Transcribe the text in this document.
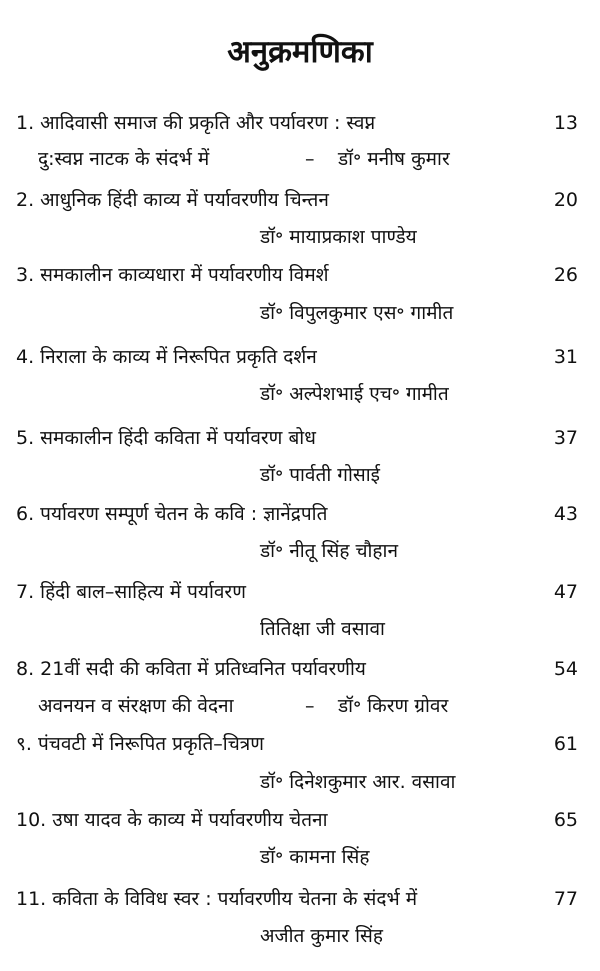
अनुक्रमणिका
1. आदिवासी समाज की प्रकृति और पर्यावरण : स्वप्न	13
दु:स्वप्न नाटक के संदर्भ में	– डॉ॰ मनीष कुमार
2. आधुनिक हिंदी काव्य में पर्यावरणीय चिन्तन	20
डॉ॰ मायाप्रकाश पाण्डेय
3. समकालीन काव्यधारा में पर्यावरणीय विमर्श	26
डॉ॰ विपुलकुमार एस॰ गामीत
4. निराला के काव्य में निरूपित प्रकृति दर्शन	31
डॉ॰ अल्पेशभाई एच॰ गामीत
5. समकालीन हिंदी कविता में पर्यावरण बोध	37
डॉ॰ पार्वती गोसाई
6. पर्यावरण सम्पूर्ण चेतन के कवि : ज्ञानेंद्रपति	43
डॉ॰ नीतू सिंह चौहान
7. हिंदी बाल–साहित्य में पर्यावरण	47
तितिक्षा जी वसावा
8. 21वीं सदी की कविता में प्रतिध्वनित पर्यावरणीय	54
अवनयन व संरक्षण की वेदना	– डॉ॰ किरण ग्रोवर
९. पंचवटी में निरूपित प्रकृति–चित्रण	61
डॉ॰ दिनेशकुमार आर. वसावा
10. उषा यादव के काव्य में पर्यावरणीय चेतना	65
डॉ॰ कामना सिंह
11. कविता के विविध स्वर : पर्यावरणीय चेतना के संदर्भ में	77
अजीत कुमार सिंह
